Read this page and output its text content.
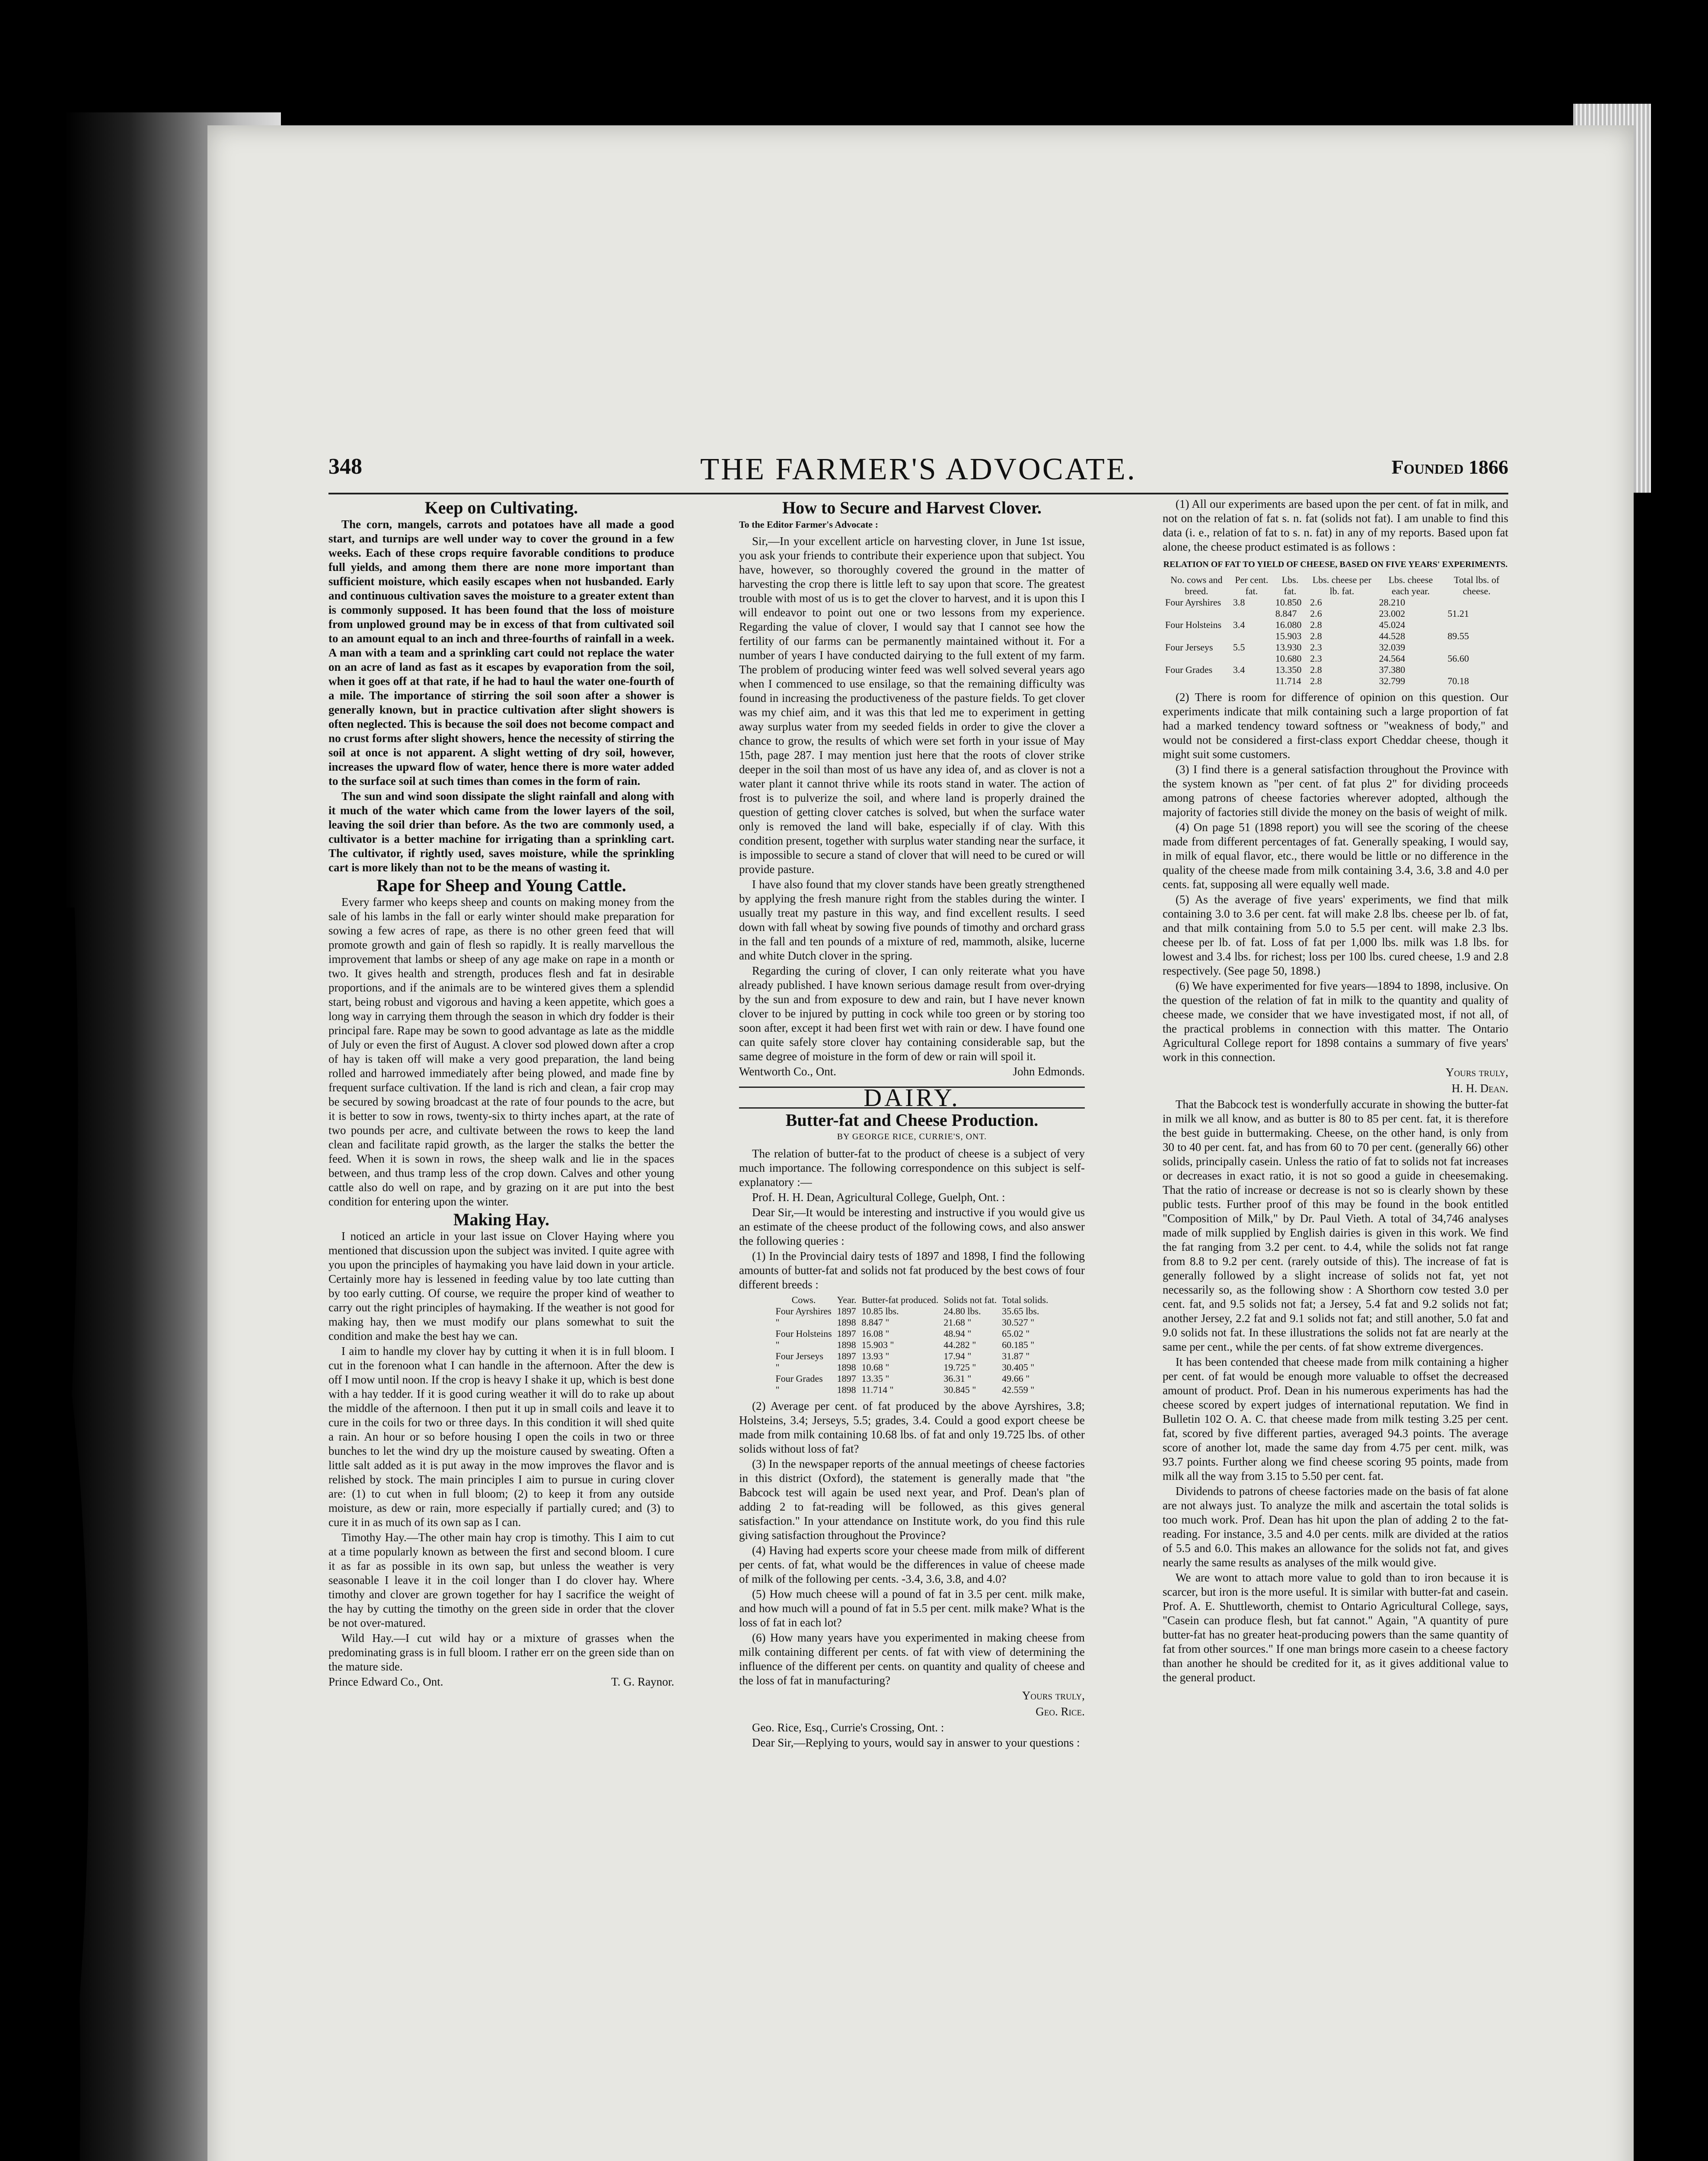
348	THE FARMER'S ADVOCATE.	Founded 1866
Keep on Cultivating.

The corn, mangels, carrots and potatoes have all made a good start, and turnips are well under way to cover the ground in a few weeks. Each of these crops require favorable conditions to produce full yields, and among them there are none more important than sufficient moisture, which easily escapes when not husbanded. Early and continuous cultivation saves the moisture to a greater extent than is commonly supposed. It has been found that the loss of moisture from unplowed ground may be in excess of that from cultivated soil to an amount equal to an inch and three-fourths of rainfall in a week. A man with a team and a sprinkling cart could not replace the water on an acre of land as fast as it escapes by evaporation from the soil, when it goes off at that rate, if he had to haul the water one-fourth of a mile. The importance of stirring the soil soon after a shower is generally known, but in practice cultivation after slight showers is often neglected. This is because the soil does not become compact and no crust forms after slight showers, hence the necessity of stirring the soil at once is not apparent. A slight wetting of dry soil, however, increases the upward flow of water, hence there is more water added to the surface soil at such times than comes in the form of rain.

The sun and wind soon dissipate the slight rainfall and along with it much of the water which came from the lower layers of the soil, leaving the soil drier than before. As the two are commonly used, a cultivator is a better machine for irrigating than a sprinkling cart. The cultivator, if rightly used, saves moisture, while the sprinkling cart is more likely than not to be the means of wasting it.

Rape for Sheep and Young Cattle.

Every farmer who keeps sheep and counts on making money from the sale of his lambs in the fall or early winter should make preparation for sowing a few acres of rape, as there is no other green feed that will promote growth and gain of flesh so rapidly. It is really marvellous the improvement that lambs or sheep of any age make on rape in a month or two. It gives health and strength, produces flesh and fat in desirable proportions, and if the animals are to be wintered gives them a splendid start, being robust and vigorous and having a keen appetite, which goes a long way in carrying them through the season in which dry fodder is their principal fare. Rape may be sown to good advantage as late as the middle of July or even the first of August. A clover sod plowed down after a crop of hay is taken off will make a very good preparation, the land being rolled and harrowed immediately after being plowed, and made fine by frequent surface cultivation. If the land is rich and clean, a fair crop may be secured by sowing broadcast at the rate of four pounds to the acre, but it is better to sow in rows, twenty-six to thirty inches apart, at the rate of two pounds per acre, and cultivate between the rows to keep the land clean and facilitate rapid growth, as the larger the stalks the better the feed. When it is sown in rows, the sheep walk and lie in the spaces between, and thus tramp less of the crop down. Calves and other young cattle also do well on rape, and by grazing on it are put into the best condition for entering upon the winter.

Making Hay.

I noticed an article in your last issue on Clover Haying where you mentioned that discussion upon the subject was invited. I quite agree with you upon the principles of haymaking you have laid down in your article. Certainly more hay is lessened in feeding value by too late cutting than by too early cutting. Of course, we require the proper kind of weather to carry out the right principles of haymaking. If the weather is not good for making hay, then we must modify our plans somewhat to suit the condition and make the best hay we can.

I aim to handle my clover hay by cutting it when it is in full bloom. I cut in the forenoon what I can handle in the afternoon. After the dew is off I mow until noon. If the crop is heavy I shake it up, which is best done with a hay tedder. If it is good curing weather it will do to rake up about the middle of the afternoon. I then put it up in small coils and leave it to cure in the coils for two or three days. In this condition it will shed quite a rain. An hour or so before housing I open the coils in two or three bunches to let the wind dry up the moisture caused by sweating. Often a little salt added as it is put away in the mow improves the flavor and is relished by stock. The main principles I aim to pursue in curing clover are: (1) to cut when in full bloom; (2) to keep it from any outside moisture, as dew or rain, more especially if partially cured; and (3) to cure it in as much of its own sap as I can.

Timothy Hay.—The other main hay crop is timothy. This I aim to cut at a time popularly known as between the first and second bloom. I cure it as far as possible in its own sap, but unless the weather is very seasonable I leave it in the coil longer than I do clover hay. Where timothy and clover are grown together for hay I sacrifice the weight of the hay by cutting the timothy on the green side in order that the clover be not over-matured.

Wild Hay.—I cut wild hay or a mixture of grasses when the predominating grass is in full bloom. I rather err on the green side than on the mature side.

Prince Edward Co., Ont.	T. G. Raynor.
How to Secure and Harvest Clover.
To the Editor Farmer's Advocate :

Sir,—In your excellent article on harvesting clover, in June 1st issue, you ask your friends to contribute their experience upon that subject. You have, however, so thoroughly covered the ground in the matter of harvesting the crop there is little left to say upon that score. The greatest trouble with most of us is to get the clover to harvest, and it is upon this I will endeavor to point out one or two lessons from my experience. Regarding the value of clover, I would say that I cannot see how the fertility of our farms can be permanently maintained without it. For a number of years I have conducted dairying to the full extent of my farm. The problem of producing winter feed was well solved several years ago when I commenced to use ensilage, so that the remaining difficulty was found in increasing the productiveness of the pasture fields. To get clover was my chief aim, and it was this that led me to experiment in getting away surplus water from my seeded fields in order to give the clover a chance to grow, the results of which were set forth in your issue of May 15th, page 287. I may mention just here that the roots of clover strike deeper in the soil than most of us have any idea of, and as clover is not a water plant it cannot thrive while its roots stand in water. The action of frost is to pulverize the soil, and where land is properly drained the question of getting clover catches is solved, but when the surface water only is removed the land will bake, especially if of clay. With this condition present, together with surplus water standing near the surface, it is impossible to secure a stand of clover that will need to be cured or will provide pasture.

I have also found that my clover stands have been greatly strengthened by applying the fresh manure right from the stables during the winter. I usually treat my pasture in this way, and find excellent results. I seed down with fall wheat by sowing five pounds of timothy and orchard grass in the fall and ten pounds of a mixture of red, mammoth, alsike, lucerne and white Dutch clover in the spring.

Regarding the curing of clover, I can only reiterate what you have already published. I have known serious damage result from over-drying by the sun and from exposure to dew and rain, but I have never known clover to be injured by putting in cock while too green or by storing too soon after, except it had been first wet with rain or dew. I have found one can quite safely store clover hay containing considerable sap, but the same degree of moisture in the form of dew or rain will spoil it.

Wentworth Co., Ont.	John Edmonds.
DAIRY.
Butter-fat and Cheese Production.
BY GEORGE RICE, CURRIE'S, ONT.

The relation of butter-fat to the product of cheese is a subject of very much importance. The following correspondence on this subject is self-explanatory :—

Prof. H. H. Dean, Agricultural College, Guelph, Ont. :

Dear Sir,—It would be interesting and instructive if you would give us an estimate of the cheese product of the following cows, and also answer the following queries :

(1) In the Provincial dairy tests of 1897 and 1898, I find the following amounts of butter-fat and solids not fat produced by the best cows of four different breeds :

Cows.	Year.	Butter-fat produced.	Solids not fat.	Total solids.
Four Ayrshires	1897	10.85 lbs.	24.80 lbs.	35.65 lbs.
"	1898	8.847 "	21.68 "	30.527 "
Four Holsteins	1897	16.08 "	48.94 "	65.02 "
"	1898	15.903 "	44.282 "	60.185 "
Four Jerseys	1897	13.93 "	17.94 "	31.87 "
"	1898	10.68 "	19.725 "	30.405 "
Four Grades	1897	13.35 "	36.31 "	49.66 "
"	1898	11.714 "	30.845 "	42.559 "

(2) Average per cent. of fat produced by the above Ayrshires, 3.8; Holsteins, 3.4; Jerseys, 5.5; grades, 3.4. Could a good export cheese be made from milk containing 10.68 lbs. of fat and only 19.725 lbs. of other solids without loss of fat?

(3) In the newspaper reports of the annual meetings of cheese factories in this district (Oxford), the statement is generally made that "the Babcock test will again be used next year, and Prof. Dean's plan of adding 2 to fat-reading will be followed, as this gives general satisfaction." In your attendance on Institute work, do you find this rule giving satisfaction throughout the Province?

(4) Having had experts score your cheese made from milk of different per cents. of fat, what would be the differences in value of cheese made of milk of the following per cents. -3.4, 3.6, 3.8, and 4.0?

(5) How much cheese will a pound of fat in 3.5 per cent. milk make, and how much will a pound of fat in 5.5 per cent. milk make? What is the loss of fat in each lot?

(6) How many years have you experimented in making cheese from milk containing different per cents. of fat with view of determining the influence of the different per cents. on quantity and quality of cheese and the loss of fat in manufacturing?

Yours truly,
Geo. Rice.

Geo. Rice, Esq., Currie's Crossing, Ont. :

Dear Sir,—Replying to yours, would say in answer to your questions :

(1) All our experiments are based upon the per cent. of fat in milk, and not on the relation of fat s. n. fat (solids not fat). I am unable to find this data (i. e., relation of fat to s. n. fat) in any of my reports. Based upon fat alone, the cheese product estimated is as follows :

RELATION OF FAT TO YIELD OF CHEESE, BASED ON FIVE YEARS' EXPERIMENTS.
No. cows and breed.	Per cent. fat.	Lbs. fat.	Lbs. cheese per lb. fat.	Lbs. cheese each year.	Total lbs. of cheese.
Four Ayrshires	3.8	10.850	2.6	28.210	
		8.847	2.6	23.002	51.21
Four Holsteins	3.4	16.080	2.8	45.024	
		15.903	2.8	44.528	89.55
Four Jerseys	5.5	13.930	2.3	32.039	
		10.680	2.3	24.564	56.60
Four Grades	3.4	13.350	2.8	37.380	
		11.714	2.8	32.799	70.18

(2) There is room for difference of opinion on this question. Our experiments indicate that milk containing such a large proportion of fat had a marked tendency toward softness or "weakness of body," and would not be considered a first-class export Cheddar cheese, though it might suit some customers.

(3) I find there is a general satisfaction throughout the Province with the system known as "per cent. of fat plus 2" for dividing proceeds among patrons of cheese factories wherever adopted, although the majority of factories still divide the money on the basis of weight of milk.

(4) On page 51 (1898 report) you will see the scoring of the cheese made from different percentages of fat. Generally speaking, I would say, in milk of equal flavor, etc., there would be little or no difference in the quality of the cheese made from milk containing 3.4, 3.6, 3.8 and 4.0 per cents. fat, supposing all were equally well made.

(5) As the average of five years' experiments, we find that milk containing 3.0 to 3.6 per cent. fat will make 2.8 lbs. cheese per lb. of fat, and that milk containing from 5.0 to 5.5 per cent. will make 2.3 lbs. cheese per lb. of fat. Loss of fat per 1,000 lbs. milk was 1.8 lbs. for lowest and 3.4 lbs. for richest; loss per 100 lbs. cured cheese, 1.9 and 2.8 respectively. (See page 50, 1898.)

(6) We have experimented for five years—1894 to 1898, inclusive. On the question of the relation of fat in milk to the quantity and quality of cheese made, we consider that we have investigated most, if not all, of the practical problems in connection with this matter. The Ontario Agricultural College report for 1898 contains a summary of five years' work in this connection.

Yours truly,
H. H. Dean.

That the Babcock test is wonderfully accurate in showing the butter-fat in milk we all know, and as butter is 80 to 85 per cent. fat, it is therefore the best guide in buttermaking. Cheese, on the other hand, is only from 30 to 40 per cent. fat, and has from 60 to 70 per cent. (generally 66) other solids, principally casein. Unless the ratio of fat to solids not fat increases or decreases in exact ratio, it is not so good a guide in cheesemaking. That the ratio of increase or decrease is not so is clearly shown by these public tests. Further proof of this may be found in the book entitled "Composition of Milk," by Dr. Paul Vieth. A total of 34,746 analyses made of milk supplied by English dairies is given in this work. We find the fat ranging from 3.2 per cent. to 4.4, while the solids not fat range from 8.8 to 9.2 per cent. (rarely outside of this). The increase of fat is generally followed by a slight increase of solids not fat, yet not necessarily so, as the following show : A Shorthorn cow tested 3.0 per cent. fat, and 9.5 solids not fat; a Jersey, 5.4 fat and 9.2 solids not fat; another Jersey, 2.2 fat and 9.1 solids not fat; and still another, 5.0 fat and 9.0 solids not fat. In these illustrations the solids not fat are nearly at the same per cent., while the per cents. of fat show extreme divergences.

It has been contended that cheese made from milk containing a higher per cent. of fat would be enough more valuable to offset the decreased amount of product. Prof. Dean in his numerous experiments has had the cheese scored by expert judges of international reputation. We find in Bulletin 102 O. A. C. that cheese made from milk testing 3.25 per cent. fat, scored by five different parties, averaged 94.3 points. The average score of another lot, made the same day from 4.75 per cent. milk, was 93.7 points. Further along we find cheese scoring 95 points, made from milk all the way from 3.15 to 5.50 per cent. fat.

Dividends to patrons of cheese factories made on the basis of fat alone are not always just. To analyze the milk and ascertain the total solids is too much work. Prof. Dean has hit upon the plan of adding 2 to the fat-reading. For instance, 3.5 and 4.0 per cents. milk are divided at the ratios of 5.5 and 6.0. This makes an allowance for the solids not fat, and gives nearly the same results as analyses of the milk would give.

We are wont to attach more value to gold than to iron because it is scarcer, but iron is the more useful. It is similar with butter-fat and casein. Prof. A. E. Shuttleworth, chemist to Ontario Agricultural College, says, "Casein can produce flesh, but fat cannot." Again, "A quantity of pure butter-fat has no greater heat-producing powers than the same quantity of fat from other sources." If one man brings more casein to a cheese factory than another he should be credited for it, as it gives additional value to the general product.
